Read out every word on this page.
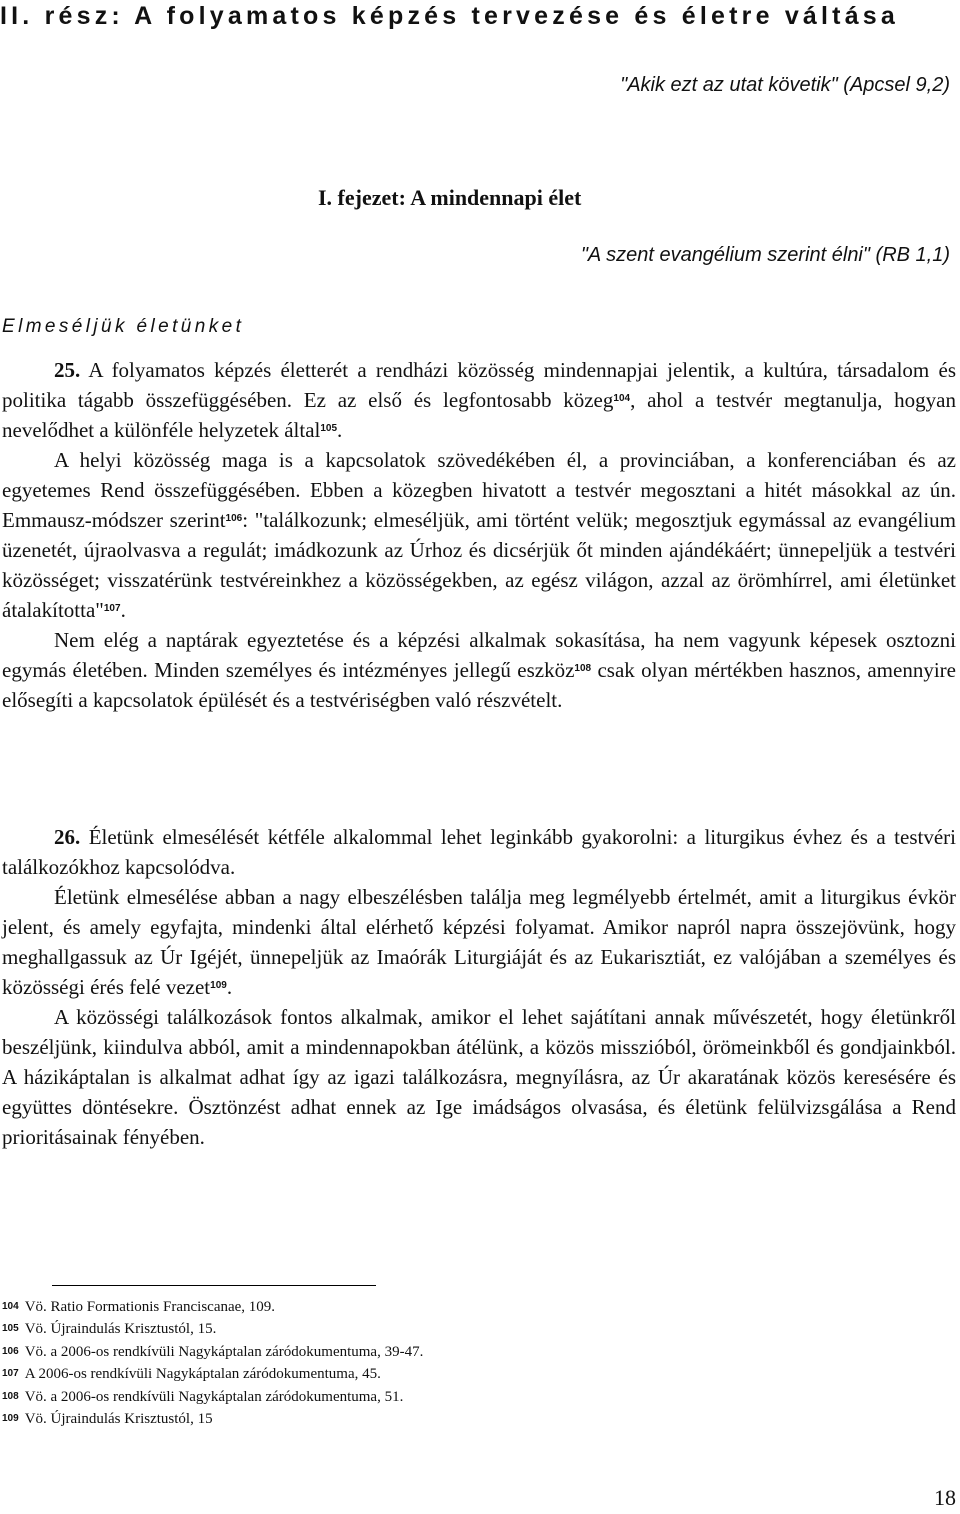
II. rész: A folyamatos képzés tervezése és életre váltása
"Akik ezt az utat követik" (Apcsel 9,2)
I. fejezet: A mindennapi élet
"A szent evangélium szerint élni" (RB 1,1)
Elmeséljük életünket

25. A folyamatos képzés életterét a rendházi közösség mindennapjai jelentik, a kultúra, társadalom és politika tágabb összefüggésében. Ez az első és legfontosabb közeg$^{104}$, ahol a testvér megtanulja, hogyan nevelődhet a különféle helyzetek által$^{105}$.

A helyi közösség maga is a kapcsolatok szövedékében él, a provinciában, a konferenciában és az egyetemes Rend összefüggésében. Ebben a közegben hivatott a testvér megosztani a hitét másokkal az ún. Emmausz-módszer szerint$^{106}$: "találkozunk; elmeséljük, ami történt velük; megosztjuk egymással az evangélium üzenetét, újraolvasva a regulát; imádkozunk az Úrhoz és dicsérjük őt minden ajándékáért; ünnepeljük a testvéri közösséget; visszatérünk testvéreinkhez a közösségekben, az egész világon, azzal az örömhírrel, ami életünket átalakította"$^{107}$.

Nem elég a naptárak egyeztetése és a képzési alkalmak sokasítása, ha nem vagyunk képesek osztozni egymás életében. Minden személyes és intézményes jellegű eszköz$^{108}$ csak olyan mértékben hasznos, amennyire elősegíti a kapcsolatok épülését és a testvériségben való részvételt.

26. Életünk elmesélését kétféle alkalommal lehet leginkább gyakorolni: a liturgikus évhez és a testvéri találkozókhoz kapcsolódva.

Életünk elmesélése abban a nagy elbeszélésben találja meg legmélyebb értelmét, amit a liturgikus évkör jelent, és amely egyfajta, mindenki által elérhető képzési folyamat. Amikor napról napra összejövünk, hogy meghallgassuk az Úr Igéjét, ünnepeljük az Imaórák Liturgiáját és az Eukarisztiát, ez valójában a személyes és közösségi érés felé vezet$^{109}$.

A közösségi találkozások fontos alkalmak, amikor el lehet sajátítani annak művészetét, hogy életünkről beszéljünk, kiindulva abból, amit a mindennapokban átélünk, a közös misszióból, örömeinkből és gondjainkból. A házikáptalan is alkalmat adhat így az igazi találkozásra, megnyílásra, az Úr akaratának közös keresésére és együttes döntésekre. Ösztönzést adhat ennek az Ige imádságos olvasása, és életünk felülvizsgálása a Rend prioritásainak fényében.

$^{104}$ Vö. Ratio Formationis Franciscanae, 109.
$^{105}$ Vö. Újraindulás Krisztustól, 15.
$^{106}$ Vö. a 2006-os rendkívüli Nagykáptalan záródokumentuma, 39-47.
$^{107}$ A 2006-os rendkívüli Nagykáptalan záródokumentuma, 45.
$^{108}$ Vö. a 2006-os rendkívüli Nagykáptalan záródokumentuma, 51.
$^{109}$ Vö. Újraindulás Krisztustól, 15
18
